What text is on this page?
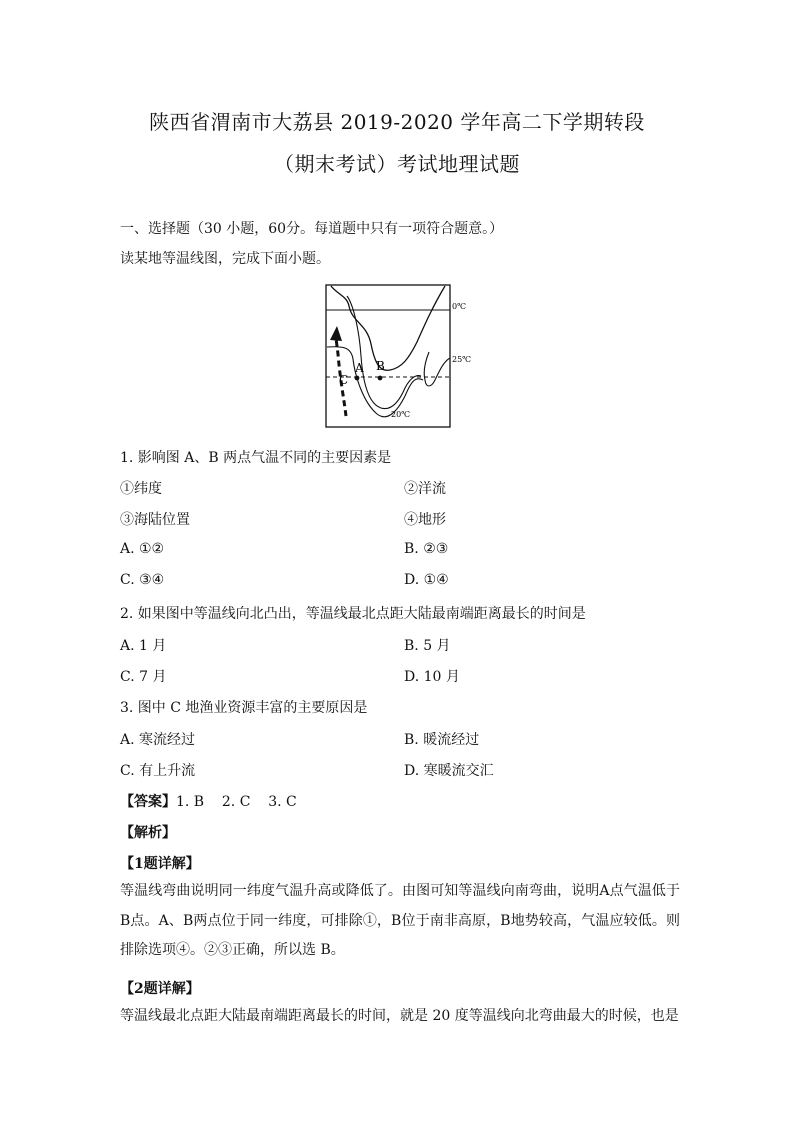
陕西省渭南市大荔县 2019-2020 学年高二下学期转段
（期末考试）考试地理试题
一、选择题（30 小题，60分。每道题中只有一项符合题意。）
读某地等温线图，完成下面小题。
C
A B
0℃
25℃
20℃
1. 影响图 A、B 两点气温不同的主要因素是
①纬度	②洋流
③海陆位置	④地形
A. ①②	B. ②③
C. ③④	D. ①④
2. 如果图中等温线向北凸出，等温线最北点距大陆最南端距离最长的时间是
A. 1 月	B. 5 月
C. 7 月	D. 10 月
3. 图中 C 地渔业资源丰富的主要原因是
A. 寒流经过	B. 暖流经过
C. 有上升流	D. 寒暖流交汇
【答案】1. B    2. C    3. C
【解析】
【1题详解】
等温线弯曲说明同一纬度气温升高或降低了。由图可知等温线向南弯曲，说明A点气温低于B点。A、B两点位于同一纬度，可排除①，B位于南非高原，B地势较高，气温应较低。则排除选项④。②③正确，所以选 B。
【2题详解】
等温线最北点距大陆最南端距离最长的时间，就是 20 度等温线向北弯曲最大的时候，也是
